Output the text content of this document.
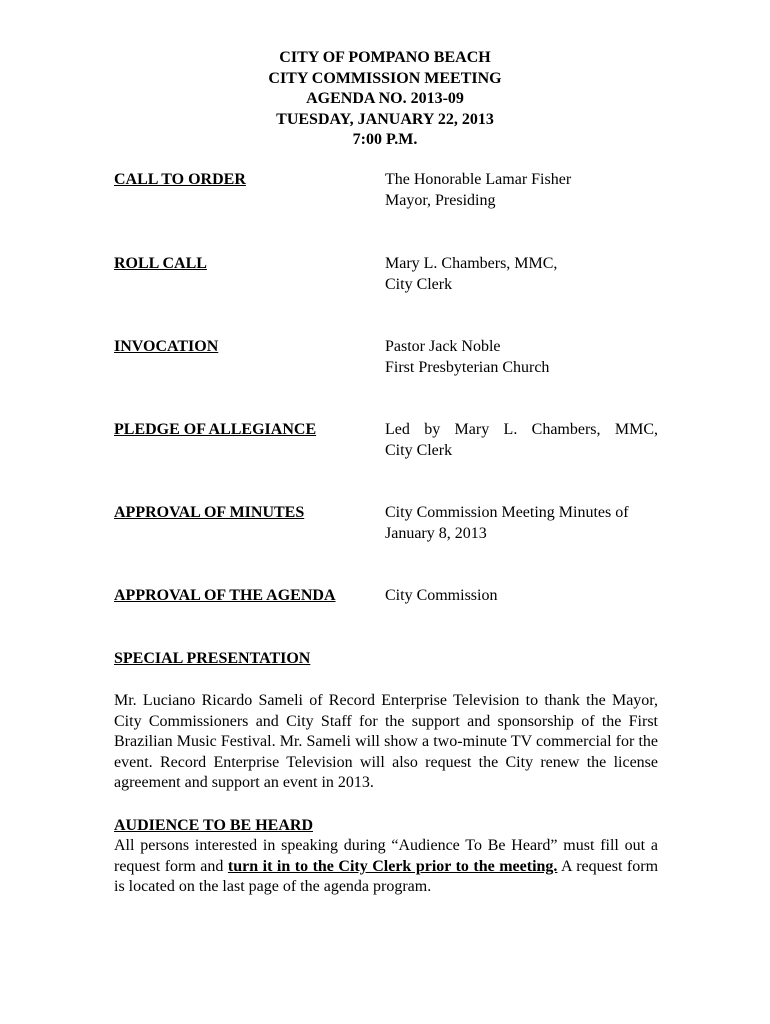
CITY OF POMPANO BEACH
CITY COMMISSION MEETING
AGENDA NO. 2013-09
TUESDAY, JANUARY 22, 2013
7:00 P.M.
CALL TO ORDER	The Honorable Lamar Fisher
Mayor, Presiding
ROLL CALL	Mary L. Chambers, MMC,
City Clerk
INVOCATION	Pastor Jack Noble
First Presbyterian Church
PLEDGE OF ALLEGIANCE	Led by Mary L. Chambers, MMC,
City Clerk
APPROVAL OF MINUTES	City Commission Meeting Minutes of
January 8, 2013
APPROVAL OF THE AGENDA	City Commission
SPECIAL PRESENTATION
Mr. Luciano Ricardo Sameli of Record Enterprise Television to thank the Mayor, City Commissioners and City Staff for the support and sponsorship of the First Brazilian Music Festival. Mr. Sameli will show a two-minute TV commercial for the event. Record Enterprise Television will also request the City renew the license agreement and support an event in 2013.
AUDIENCE TO BE HEARD
All persons interested in speaking during “Audience To Be Heard” must fill out a request form and turn it in to the City Clerk prior to the meeting. A request form is located on the last page of the agenda program.
